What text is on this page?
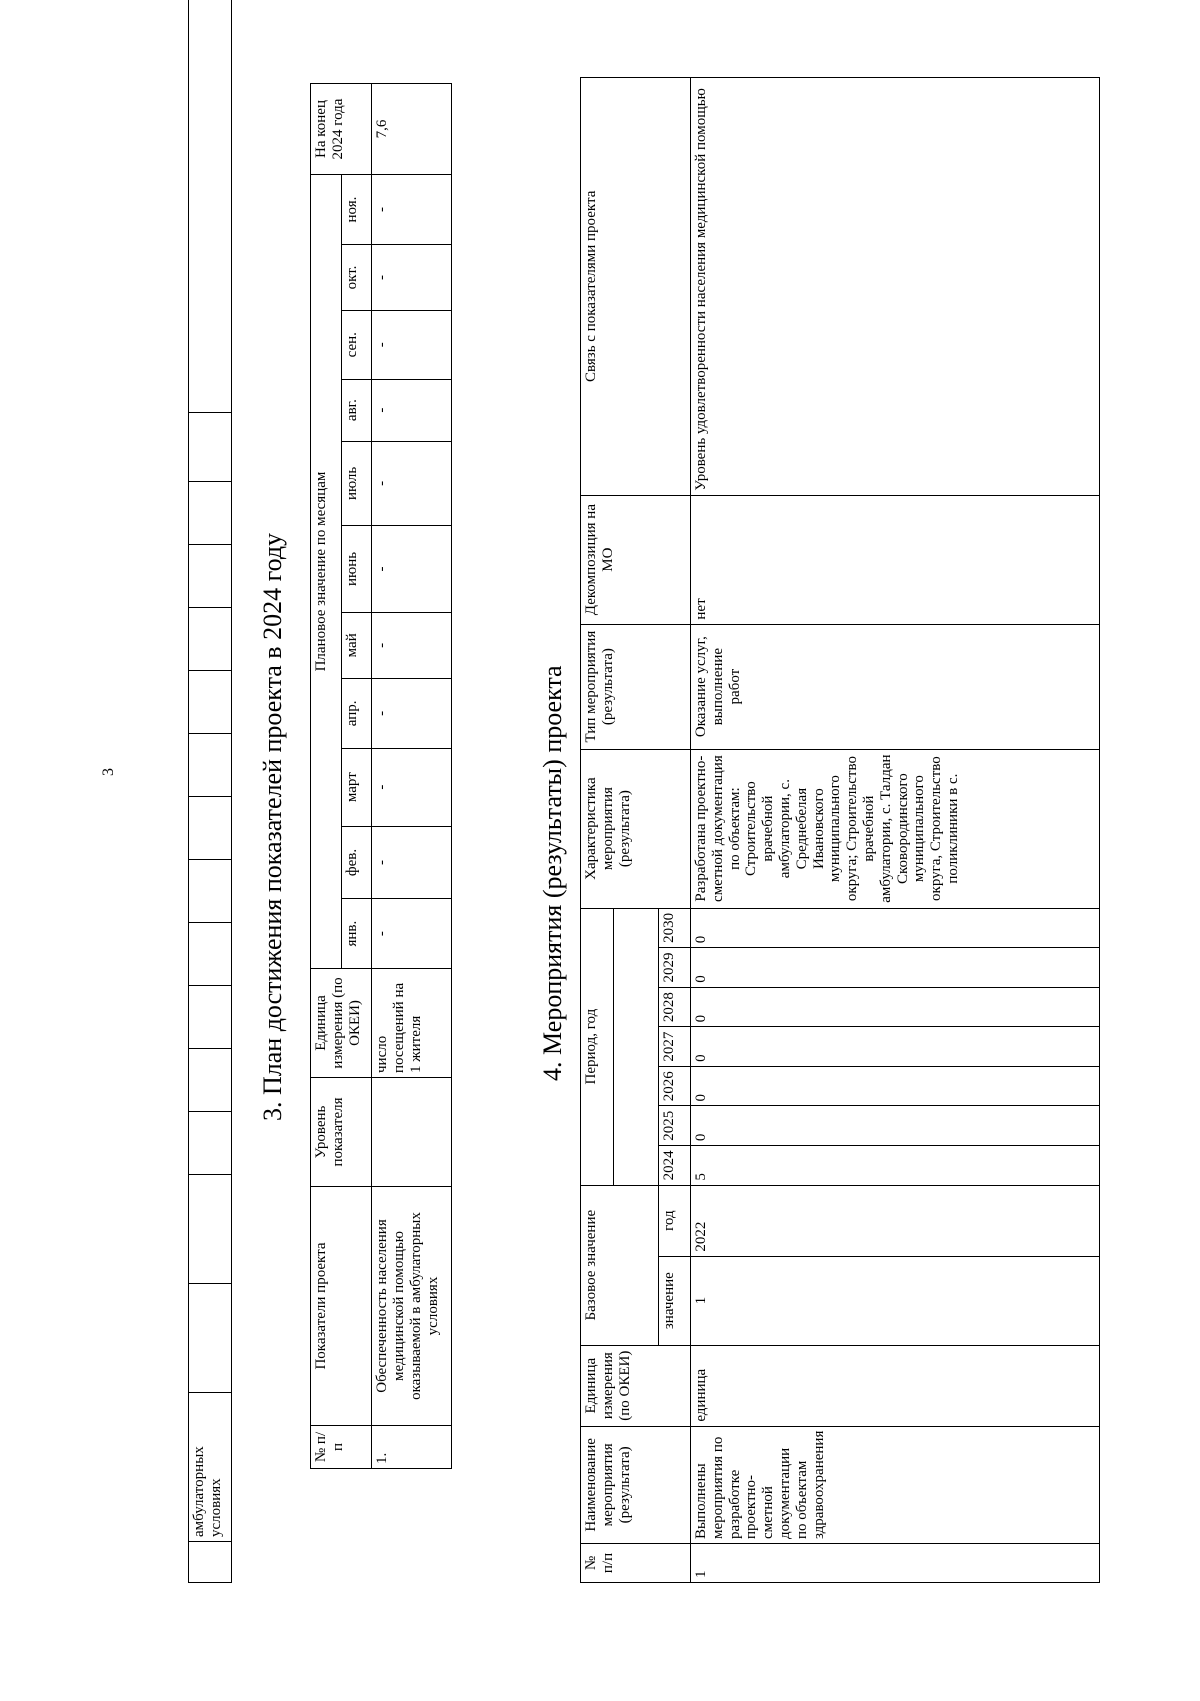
	амбулаторных условиях															
3	3. План достижения показателей проекта в 2024 году
№ п/п	Показатели проекта	Уровень показателя	Единица измерения (по ОКЕИ)	Плановое значение по месяцам											На конец 2024 года
				янв.	фев.	март	апр.	май	июнь	июль	авг.	сен.	окт.	ноя.	
1.	Обеспеченность населения медицинской помощью оказываемой в амбулаторных условиях		число посещений на 1 жителя	-	-	-	-	-	-	-	-	-	-	-	7,6
4. Мероприятия (результаты) проекта
№ п/п	Наименование мероприятия (результата)	Единица измерения (по ОКЕИ)	Базовое значение		Период, год							Характеристика мероприятия (результата)	Тип мероприятия (результата)	Декомпозиция на МО	Связь с показателями проекта

			значение	год	2024	2025	2026	2027	2028	2029	2030				
1	Выполнены мероприятия по разработке проектно-сметной документации по объектам здравоохранения	единица	1	2022	5	0	0	0	0	0	0	Разработана проектно-сметной документация по объектам: Строительство врачебной амбулатории, с. Среднебелая Ивановского муниципального округа; Строительство врачебной амбулатории, с. Талдан Сковородинского муниципального округа, Строительство поликлиники в с.	Оказание услуг, выполнение работ	нет	Уровень удовлетворенности населения медицинской помощью
